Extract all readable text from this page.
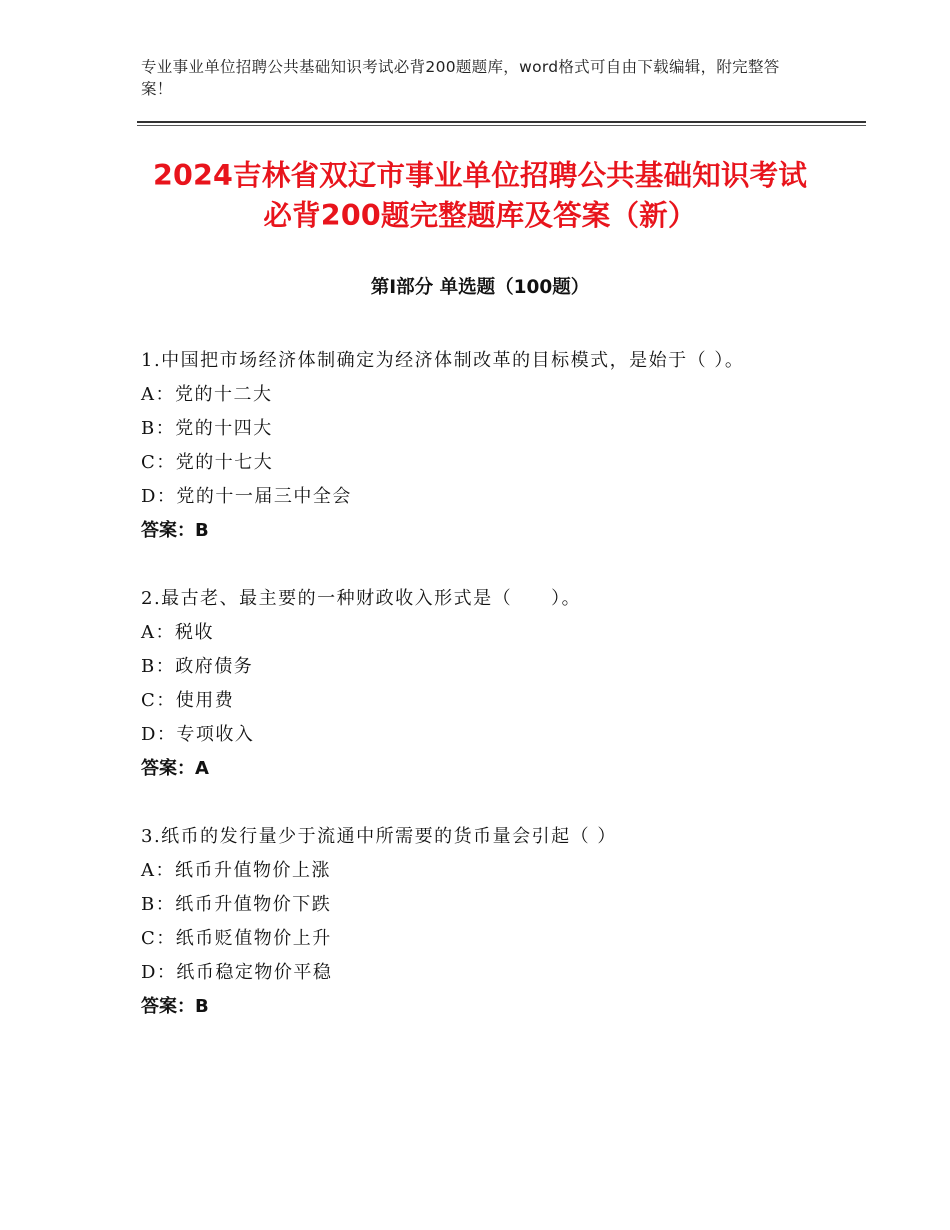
专业事业单位招聘公共基础知识考试必背200题题库，word格式可自由下载编辑，附完整答案！
2024吉林省双辽市事业单位招聘公共基础知识考试必背200题完整题库及答案（新）
第Ⅰ部分 单选题（100题）
1.中国把市场经济体制确定为经济体制改革的目标模式，是始于（ ）。
A：党的十二大
B：党的十四大
C：党的十七大
D：党的十一届三中全会
答案：B
2.最古老、最主要的一种财政收入形式是（　　）。
A：税收
B：政府债务
C：使用费
D：专项收入
答案：A
3.纸币的发行量少于流通中所需要的货币量会引起（ ）
A：纸币升值物价上涨
B：纸币升值物价下跌
C：纸币贬值物价上升
D：纸币稳定物价平稳
答案：B
